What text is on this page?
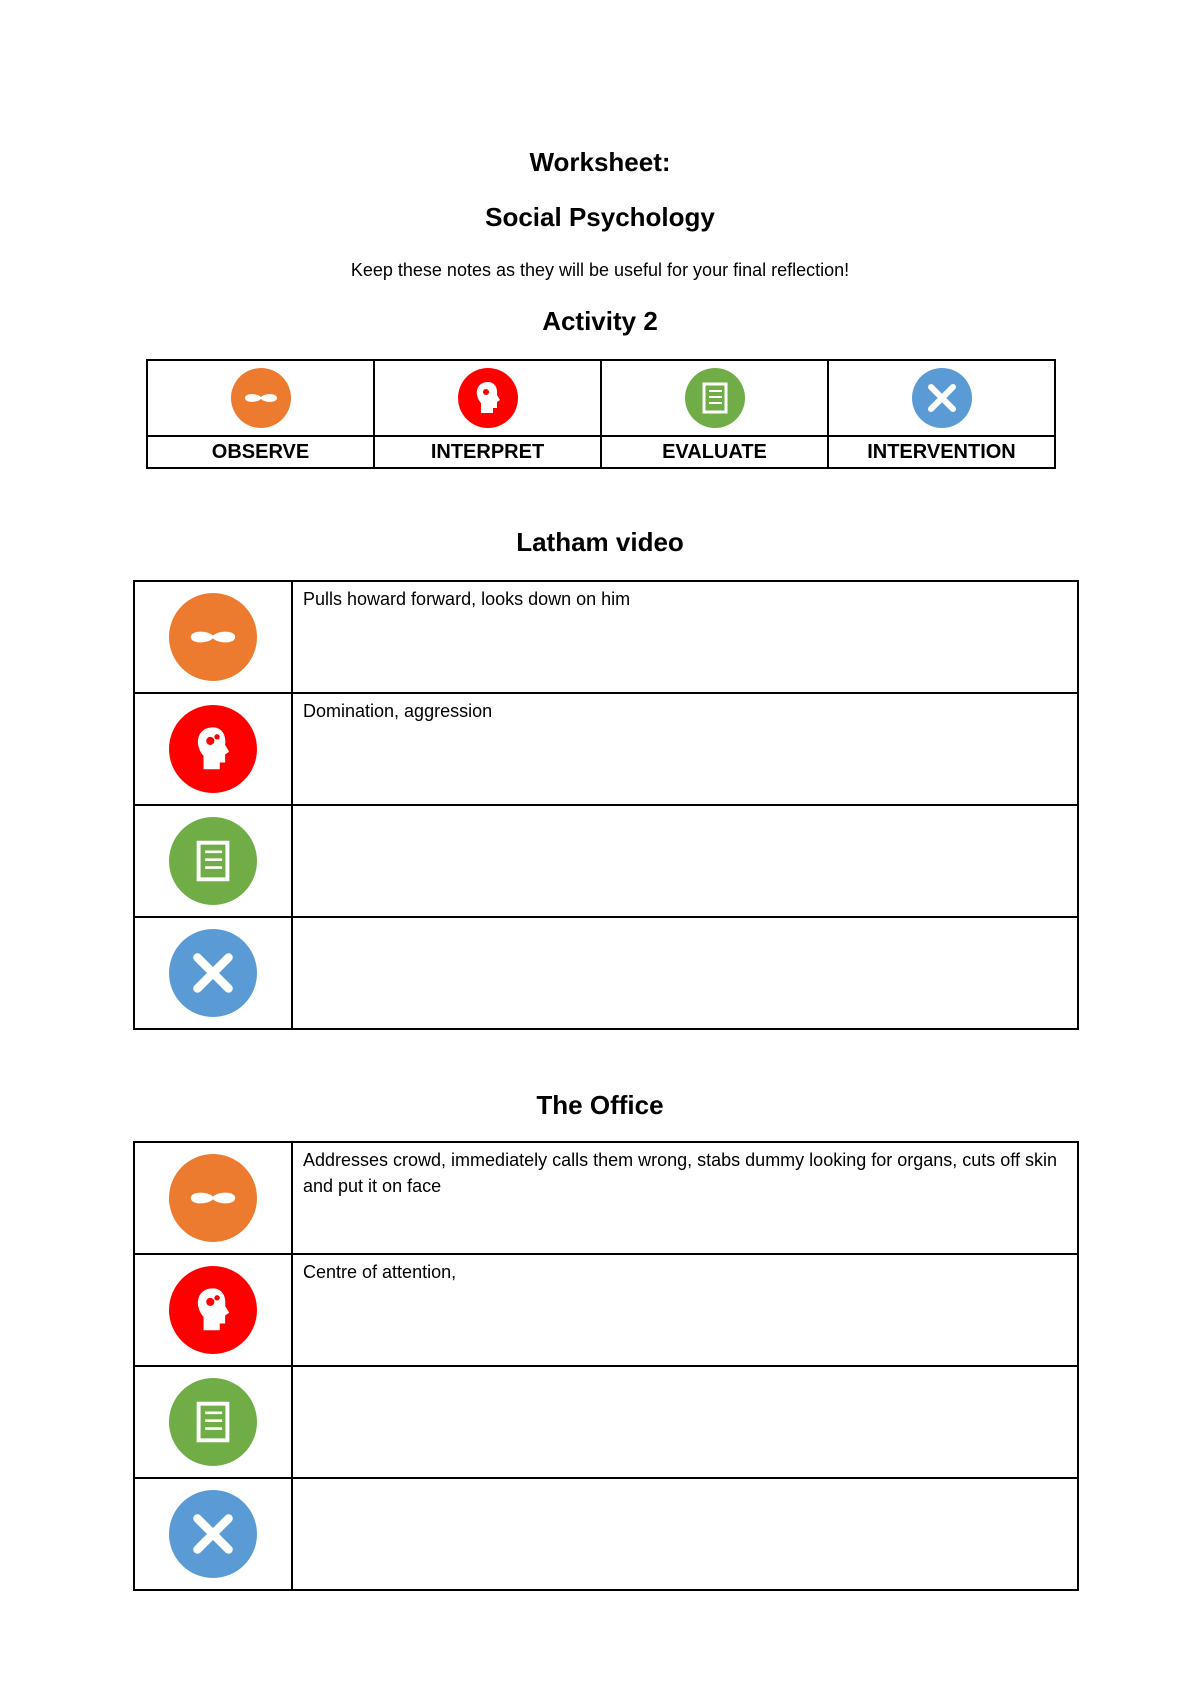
Worksheet:
Social Psychology
Keep these notes as they will be useful for your final reflection!
Activity 2
OBSERVE	INTERPRET	EVALUATE	INTERVENTION
Latham video
Pulls howard forward, looks down on him
Domination, aggression
The Office
Addresses crowd, immediately calls them wrong, stabs dummy looking for organs, cuts off skin and put it on face
Centre of attention,
